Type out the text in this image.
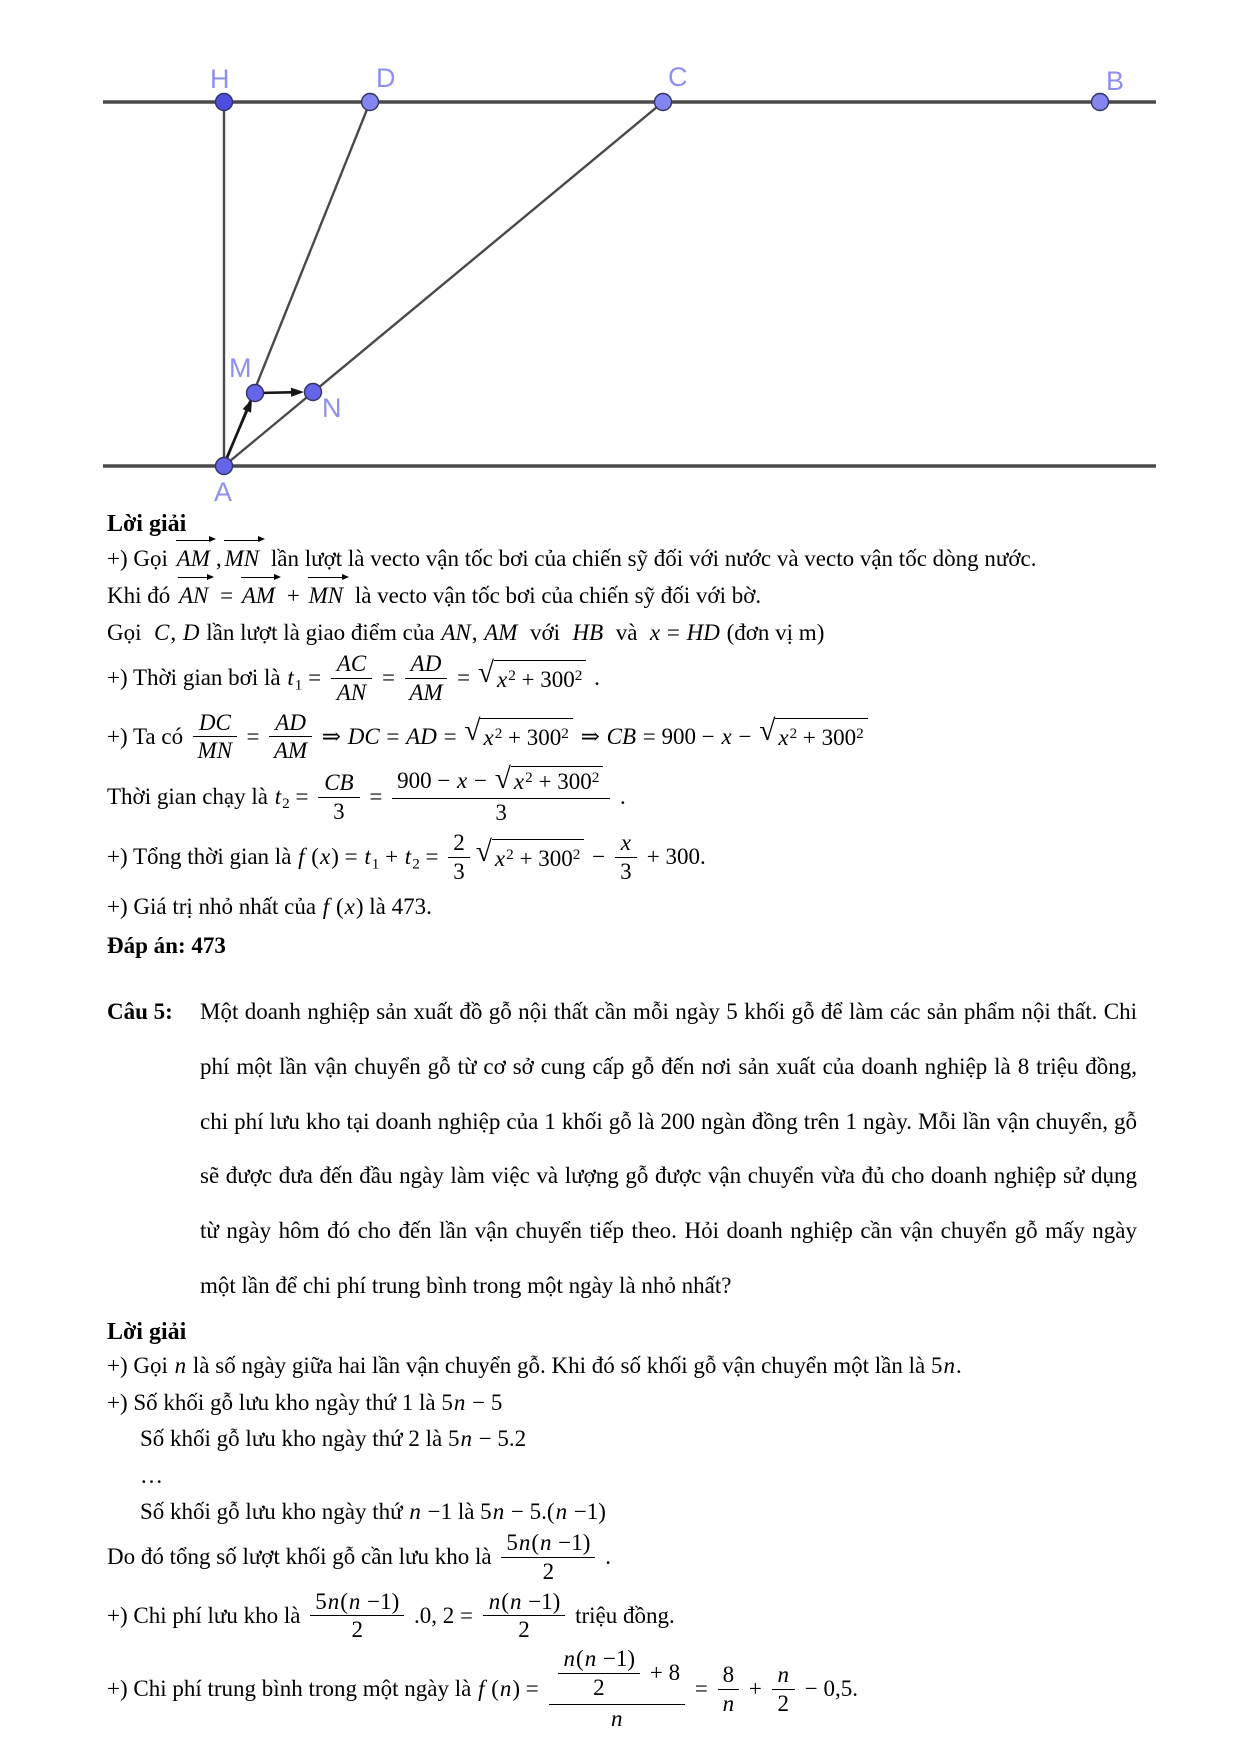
H	D	C	B
M
N
A
Lời giải
+) Gọi AM , MN lần lượt là vecto vận tốc bơi của chiến sỹ đối với nước và vecto vận tốc dòng nước.
Khi đó AN = AM + MN là vecto vận tốc bơi của chiến sỹ đối với bờ.
Gọi  C, D lần lượt là giao điểm của AN, AM  với  HB  và  x = HD (đơn vị m)
+) Thời gian bơi là $t1 = \frac{AC}{AN} = \frac{AD}{AM}$ = √ $x^2 + 300^2$ .
+) Ta có $\frac{DC}{MN} = \frac{AD}{AM}$ ⇒ DC = AD = √ $x^2 + 300^2$ ⇒ CB = 900 − x − √ $x^2 + 300^2$
Thời gian chạy là $t2 = \frac{CB}{3} = \frac{900 - x - √ x^2 + 300^2}{3}$ .
+) Tổng thời gian là f $(x) = t1 + t2 = \frac{2}{3}$ √ $x^2 + 300^2 - \frac{x}{3} + 300$.
+) Giá trị nhỏ nhất của f (x) là 473.
Đáp án: 473
Câu 5:	Một doanh nghiệp sản xuất đồ gỗ nội thất cần mỗi ngày 5 khối gỗ để làm các sản phẩm nội thất. Chi phí một lần vận chuyển gỗ từ cơ sở cung cấp gỗ đến nơi sản xuất của doanh nghiệp là 8 triệu đồng, chi phí lưu kho tại doanh nghiệp của 1 khối gỗ là 200 ngàn đồng trên 1 ngày. Mỗi lần vận chuyển, gỗ sẽ được đưa đến đầu ngày làm việc và lượng gỗ được vận chuyển vừa đủ cho doanh nghiệp sử dụng từ ngày hôm đó cho đến lần vận chuyển tiếp theo. Hỏi doanh nghiệp cần vận chuyển gỗ mấy ngày một lần để chi phí trung bình trong một ngày là nhỏ nhất?
Lời giải
+) Gọi n là số ngày giữa hai lần vận chuyển gỗ. Khi đó số khối gỗ vận chuyển một lần là 5n.
+) Số khối gỗ lưu kho ngày thứ 1 là 5n − 5
Số khối gỗ lưu kho ngày thứ 2 là 5n − 5.2
…
Số khối gỗ lưu kho ngày thứ n −1 là 5n − 5.(n −1)
Do đó tổng số lượt khối gỗ cần lưu kho là $\frac{5n(n -1)}{2}$ .
+) Chi phí lưu kho là $\frac{5n(n -1)}{2} .0$, $2 = \frac{n(n -1)}{2}$ triệu đồng.
+) Chi phí trung bình trong một ngày là f $(n) = \frac{\frac{n(n -1)}{2} + 8}{n} = \frac{8}{n} + \frac{n}{2} - 0,5$.
